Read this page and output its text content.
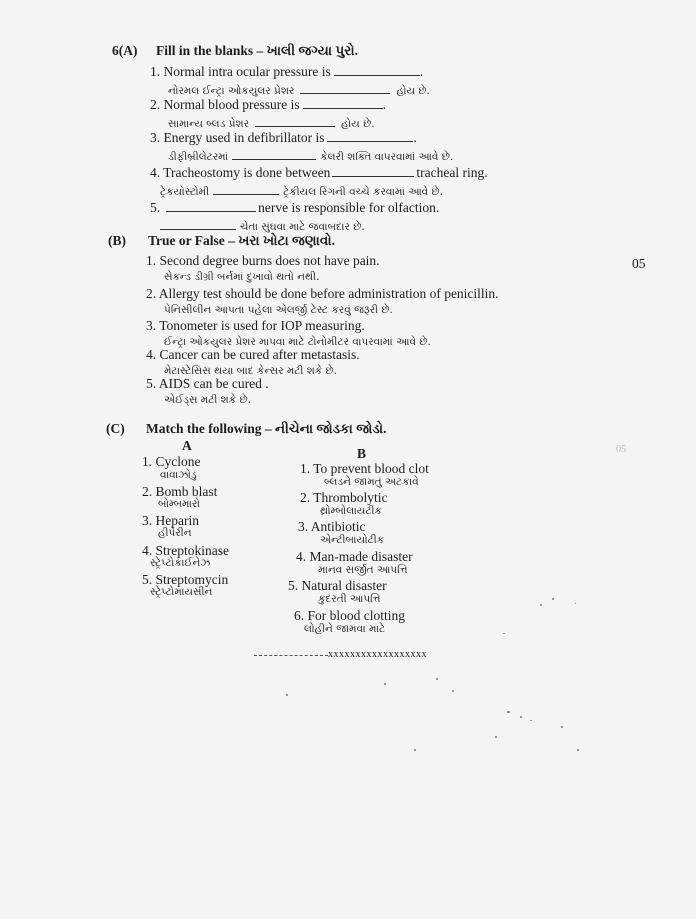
6(A) Fill in the blanks – ખાલી જગ્યા પુરો.
1. Normal intra ocular pressure is	.
નોરમલ ઈન્ટ્રા ઓકયુલર પ્રેશર	હોય છે.
2. Normal blood pressure is	.
સામાન્ય બ્લડ પ્રેશર	હોય છે.
3. Energy used in defibrillator is	.
ડીફીબ્રીલેટરમાં	કેલરી શક્તિ વાપરવામાં આવે છે.
4. Tracheostomy is done between	tracheal ring.
ટ્રેકયોસ્ટોમી	ટ્રેકીયલ રિંગની વચ્ચે કરવામાં આવે છે.
5.	nerve is responsible for olfaction.
ચેતા સુંઘવા માટે જવાબદાર છે.
(B) True or False – ખરા ખોટા જણાવો.
05
1. Second degree burns does not have pain.
સેકન્ડ ડીગ્રી બર્નમાં દુખાવો થતો નથી.
2. Allergy test should be done before administration of penicillin.
પેનિસીલીન આપતા પહેલા એલર્જી ટેસ્ટ કરવું જરૂરી છે.
3. Tonometer is used for IOP measuring.
ઈન્ટ્રા ઓકયુલર પ્રેશર માપવા માટે ટોનોમીટર વાપરવામાં આવે છે.
4. Cancer can be cured after metastasis.
મેટાસ્ટેસિસ થયા બાદ કેન્સર મટી શકે છે.
5. AIDS can be cured .
એઈડ્સ મટી શકે છે.
(C) Match the following – નીચેના જોડકા જોડો.
05
A
B
1. Cyclone
વાવાઝોડું
2. Bomb blast
બોમ્બમારો
3. Heparin
હીપેરીન
4. Streptokinase
સ્ટ્રેપ્ટોકાઈનેઝ
5. Streptomycin
સ્ટ્રેપ્ટોમાયસીન
1. To prevent blood clot
બ્લડને જામતું અટકાવે
2. Thrombolytic
થ્રોમ્બોલાયટીક
3. Antibiotic
એન્ટીબાયોટીક
4. Man-made disaster
માનવ સર્જીત આપત્તિ
5. Natural disaster
કુદરતી આપત્તિ
6. For blood clotting
લોહીને જામવા માટે
xxxxxxxxxxxxxxxxxx
